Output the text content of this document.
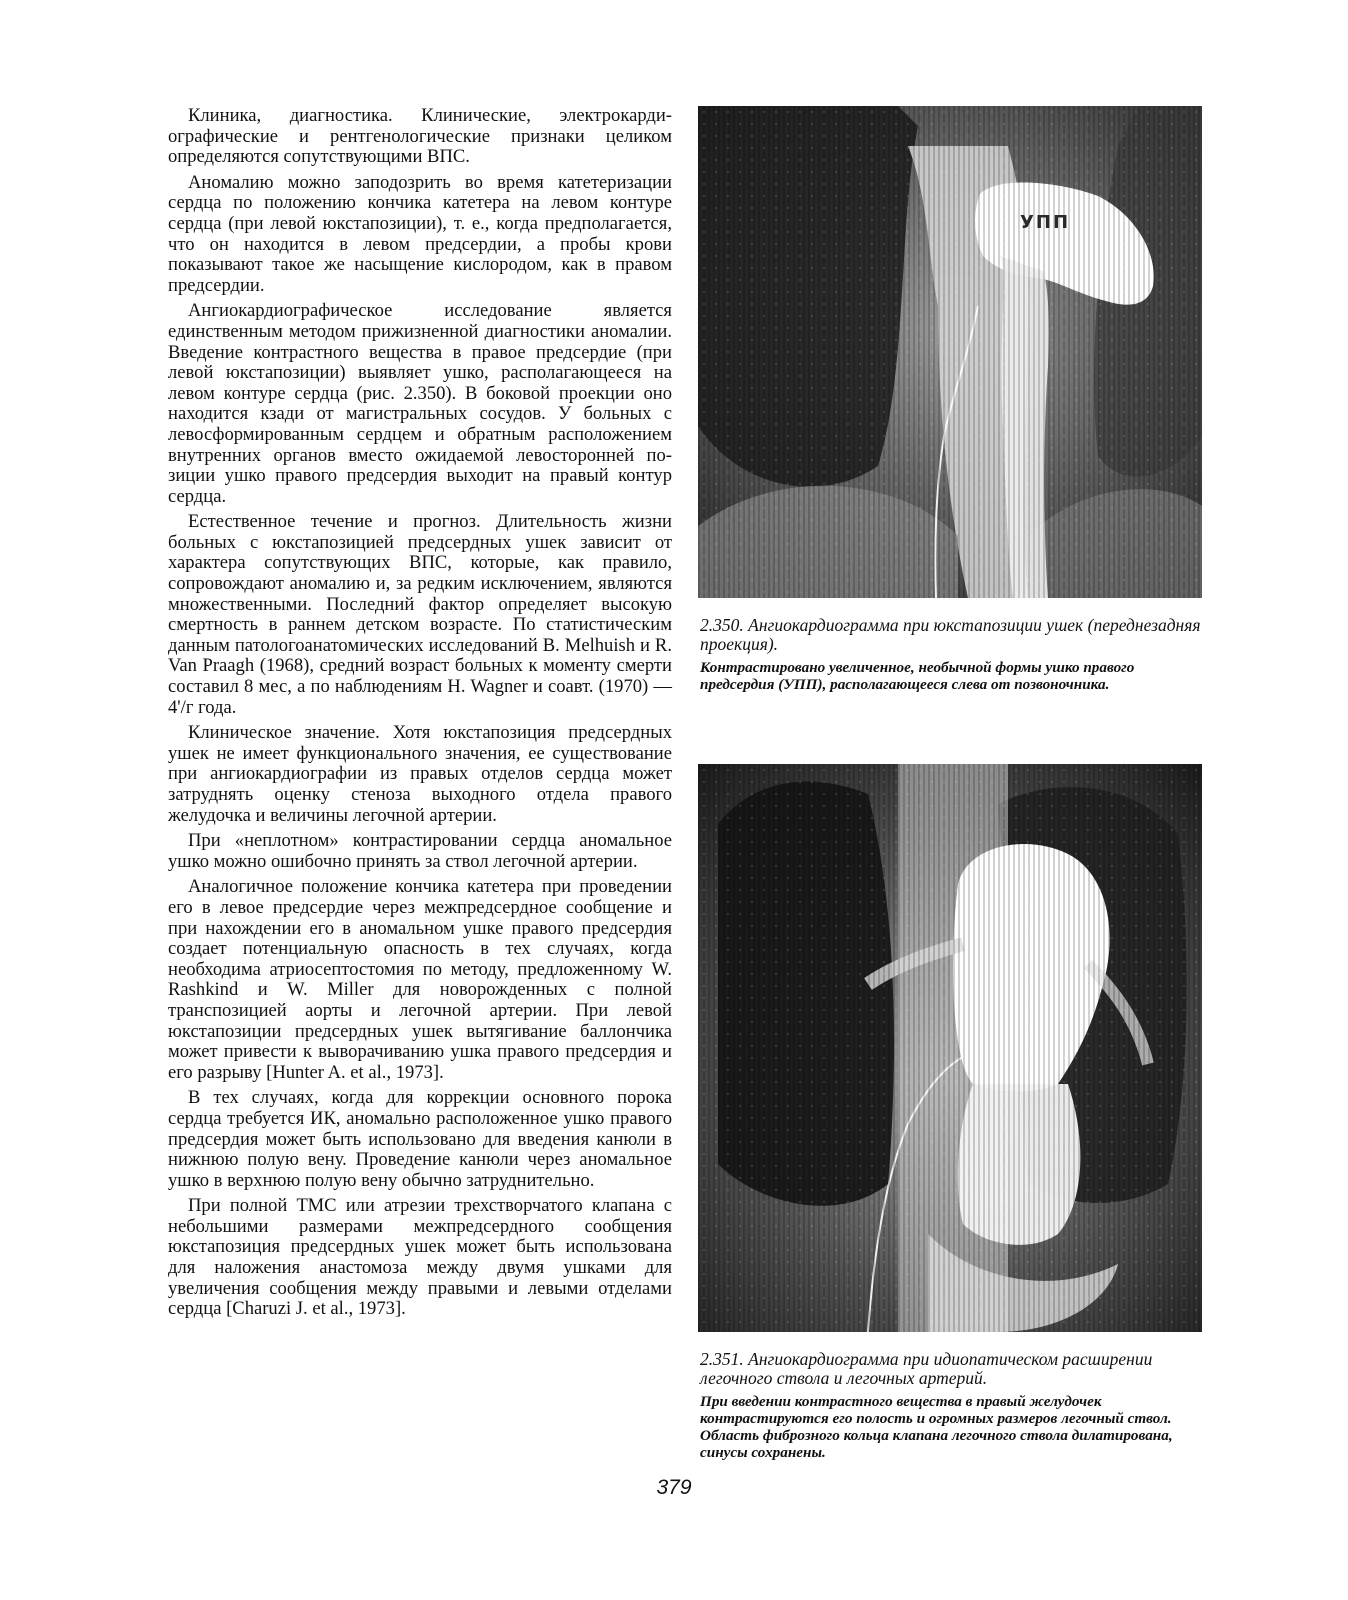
Клиника, диагностика. Клинические, электрокардиографические и рентгенологические признаки целиком определяются сопутствующими ВПС.

Аномалию можно заподозрить во время катетеризации сердца по положению кончика катетера на левом контуре сердца (при левой юкстапозиции), т. е., когда предполагается, что он находится в левом предсердии, а пробы крови показывают такое же насыщение кислородом, как в правом предсердии.

Ангиокардиографическое исследование является единственным методом прижизненной диагностики аномалии. Введение контрастного вещества в правое предсердие (при левой юкстапозиции) выявляет ушко, располагающееся на левом контуре сердца (рис. 2.350). В боковой проекции оно находится кзади от магистральных сосудов. У больных с левосформированным сердцем и обратным расположением внутренних органов вместо ожидаемой левосторонней позиции ушко правого предсердия выходит на правый контур сердца.

Естественное течение и прогноз. Длительность жизни больных с юкстапозицией предсердных ушек зависит от характера сопутствующих ВПС, которые, как правило, сопровождают аномалию и, за редким исключением, являются множественными. Последний фактор определяет высокую смертность в раннем детском возрасте. По статистическим данным патологоанатомических исследований B. Melhuish и R. Van Praagh (1968), средний возраст больных к моменту смерти составил 8 мес, а по наблюдениям H. Wagner и соавт. (1970) — 4'/г года.

Клиническое значение. Хотя юкстапозиция предсердных ушек не имеет функционального значения, ее существование при ангиокардиографии из правых отделов сердца может затруднять оценку стеноза выходного отдела правого желудочка и величины легочной артерии.

При «неплотном» контрастировании сердца аномальное ушко можно ошибочно принять за ствол легочной артерии.

Аналогичное положение кончика катетера при проведении его в левое предсердие через межпредсердное сообщение и при нахождении его в аномальном ушке правого предсердия создает потенциальную опасность в тех случаях, когда необходима атриосептостомия по методу, предложенному W. Rashkind и W. Miller для новорожденных с полной транспозицией аорты и легочной артерии. При левой юкстапозиции предсердных ушек вытягивание баллончика может привести к выворачиванию ушка правого предсердия и его разрыву [Hunter A. et al., 1973].

В тех случаях, когда для коррекции основного порока сердца требуется ИК, аномально расположенное ушко правого предсердия может быть использовано для введения канюли в нижнюю полую вену. Проведение канюли через аномальное ушко в верхнюю полую вену обычно затруднительно.

При полной ТМС или атрезии трехстворчатого клапана с небольшими размерами межпредсердного сообщения юкстапозиция предсердных ушек может быть использована для наложения анастомоза между двумя ушками для увеличения сообщения между правыми и левыми отделами сердца [Charuzi J. et al., 1973].

УПП

2.350. Ангиокардиограмма при юкстапозиции ушек (переднезадняя проекция).

Контрастировано увеличенное, необычной формы ушко правого предсердия (УПП), располагающееся слева от позвоночника.

2.351. Ангиокардиограмма при идиопатическом расширении легочного ствола и легочных артерий.

При введении контрастного вещества в правый желудочек контрастируются его полость и огромных размеров легочный ствол. Область фиброзного кольца клапана легочного ствола дилатирована, синусы сохранены.

379
